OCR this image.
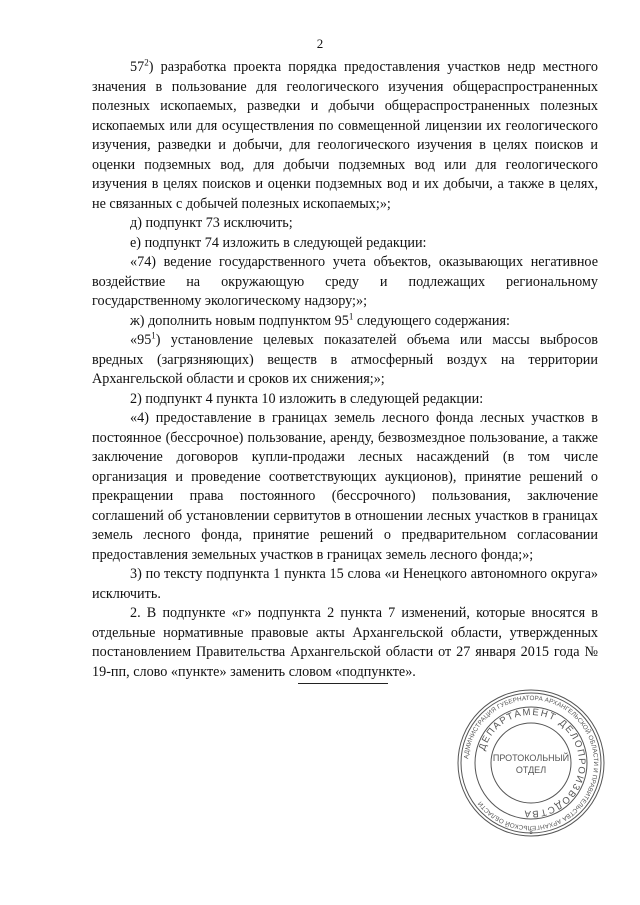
2

$57^2$) разработка проекта порядка предоставления участков недр местного значения в пользование для геологического изучения общераспространенных полезных ископаемых, разведки и добычи общераспространенных полезных ископаемых или для осуществления по совмещенной лицензии их геологического изучения, разведки и добычи, для геологического изучения в целях поисков и оценки подземных вод, для добычи подземных вод или для геологического изучения в целях поисков и оценки подземных вод и их добычи, а также в целях, не связанных с добычей полезных ископаемых;»;

д) подпункт 73 исключить;

е) подпункт 74 изложить в следующей редакции:

«74) ведение государственного учета объектов, оказывающих негативное воздействие на окружающую среду и подлежащих региональному государственному экологическому надзору;»;

ж) дополнить новым подпунктом $95^1$ следующего содержания:

«$95^1$) установление целевых показателей объема или массы выбросов вредных (загрязняющих) веществ в атмосферный воздух на территории Архангельской области и сроков их снижения;»;

2) подпункт 4 пункта 10 изложить в следующей редакции:

«4) предоставление в границах земель лесного фонда лесных участков в постоянное (бессрочное) пользование, аренду, безвозмездное пользование, а также заключение договоров купли-продажи лесных насаждений (в том числе организация и проведение соответствующих аукционов), принятие решений о прекращении права постоянного (бессрочного) пользования, заключение соглашений об установлении сервитутов в отношении лесных участков в границах земель лесного фонда, принятие решений о предварительном согласовании предоставления земельных участков в границах земель лесного фонда;»;

3) по тексту подпункта 1 пункта 15 слова «и Ненецкого автономного округа» исключить.

2. В подпункте «г» подпункта 2 пункта 7 изменений, которые вносятся в отдельные нормативные правовые акты Архангельской области, утвержденных постановлением Правительства Архангельской области от 27 января 2015 года № 19-пп, слово «пункте» заменить словом «подпункте».

АДМИНИСТРАЦИЯ ГУБЕРНАТОРА АРХАНГЕЛЬСКОЙ ОБЛАСТИ И ПРАВИТЕЛЬСТВА АРХАНГЕЛЬСКОЙ ОБЛАСТИ
ДЕПАРТАМЕНТ ДЕЛОПРОИЗВОДСТВА
ПРОТОКОЛЬНЫЙ
ОТДЕЛ
8
